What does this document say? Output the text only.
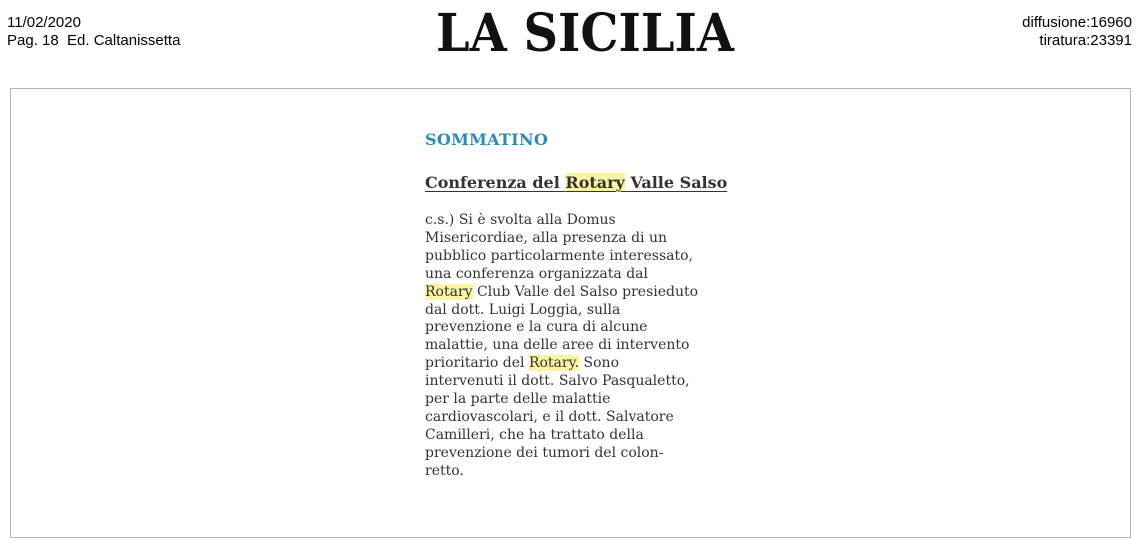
11/02/2020
Pag. 18  Ed. Caltanissetta	LA SICILIA	diffusione:16960
tiratura:23391
SOMMATINO
Conferenza del Rotary Valle Salso
c.s.) Si è svolta alla Domus
Misericordiae, alla presenza di un
pubblico particolarmente interessato,
una conferenza organizzata dal
Rotary Club Valle del Salso presieduto
dal dott. Luigi Loggia, sulla
prevenzione e la cura di alcune
malattie, una delle aree di intervento
prioritario del Rotary. Sono
intervenuti il dott. Salvo Pasqualetto,
per la parte delle malattie
cardiovascolari, e il dott. Salvatore
Camilleri, che ha trattato della
prevenzione dei tumori del colon-
retto.
